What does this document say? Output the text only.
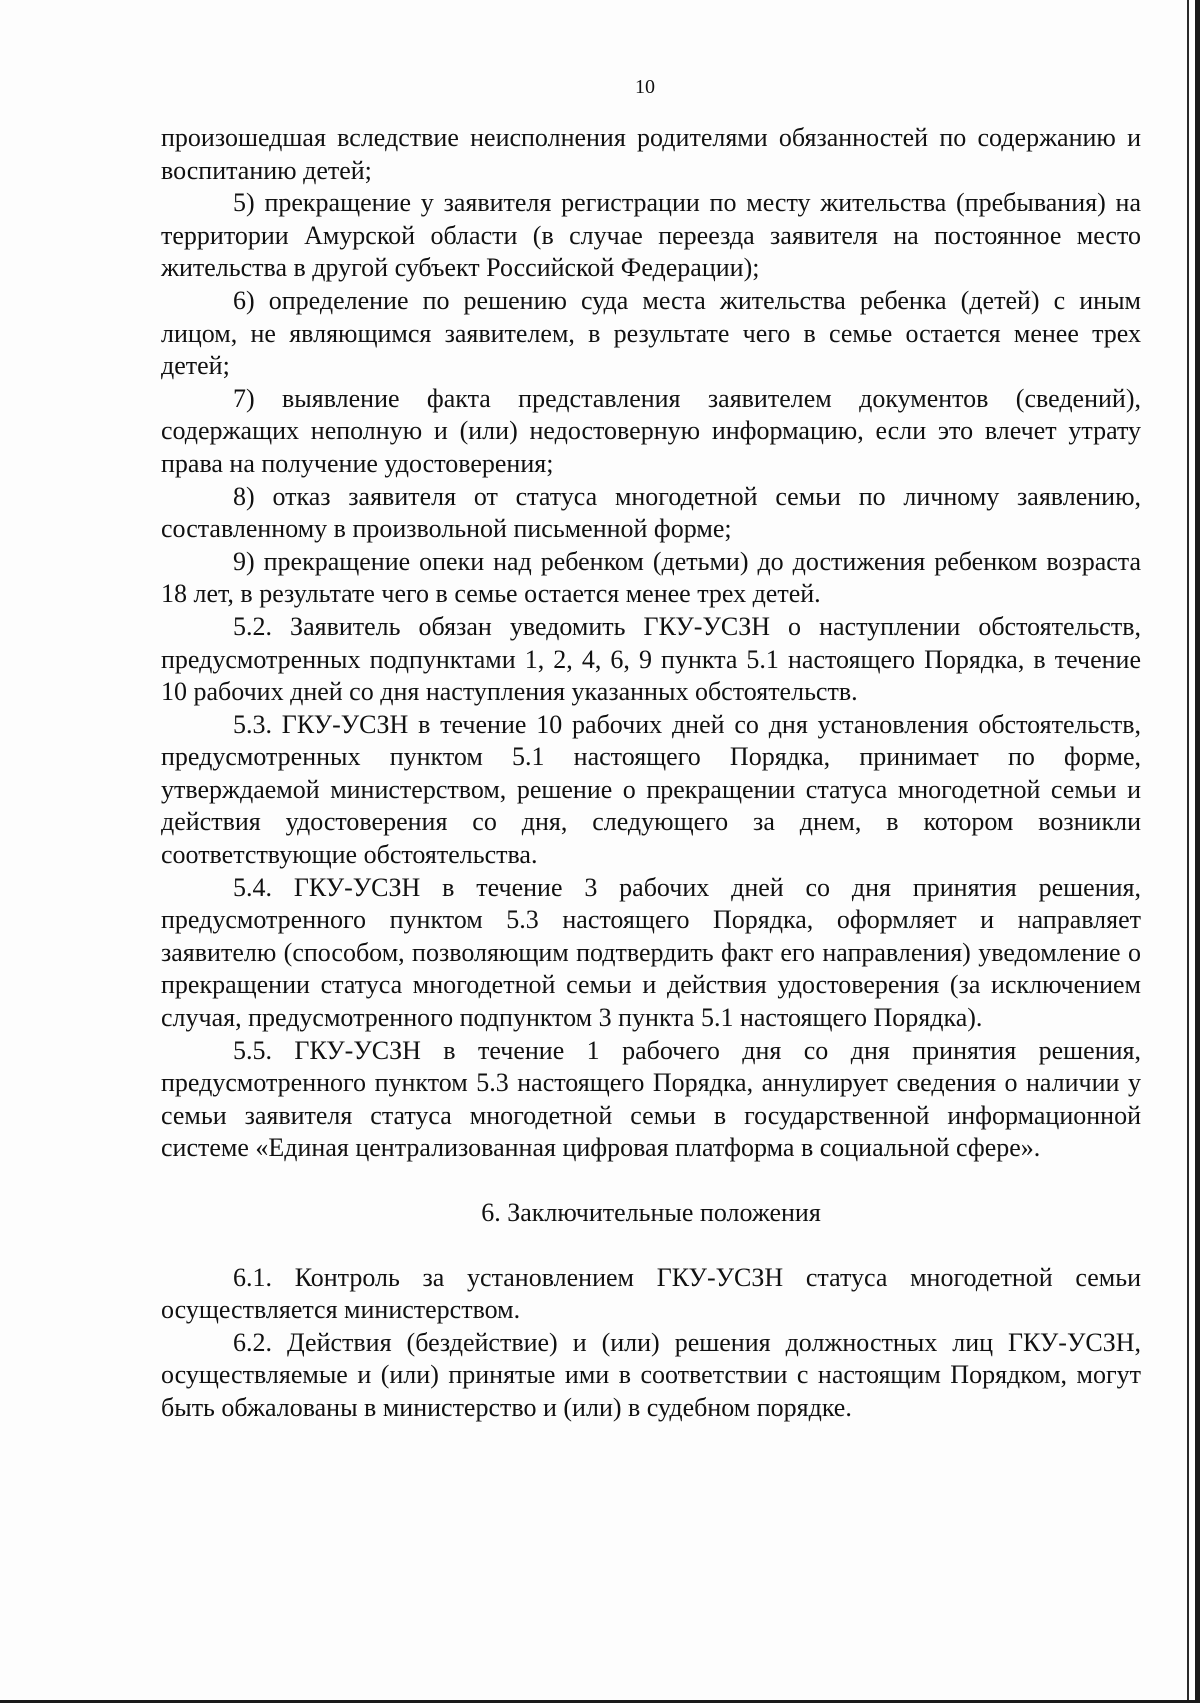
10

произошедшая вследствие неисполнения родителями обязанностей по содержанию и воспитанию детей;

5) прекращение у заявителя регистрации по месту жительства (пребывания) на территории Амурской области (в случае переезда заявителя на постоянное место жительства в другой субъект Российской Федерации);

6) определение по решению суда места жительства ребенка (детей) с иным лицом, не являющимся заявителем, в результате чего в семье остается менее трех детей;

7) выявление факта представления заявителем документов (сведений), содержащих неполную и (или) недостоверную информацию, если это влечет утрату права на получение удостоверения;

8) отказ заявителя от статуса многодетной семьи по личному заявлению, составленному в произвольной письменной форме;

9) прекращение опеки над ребенком (детьми) до достижения ребенком возраста 18 лет, в результате чего в семье остается менее трех детей.

5.2. Заявитель обязан уведомить ГКУ-УСЗН о наступлении обстоятельств, предусмотренных подпунктами 1, 2, 4, 6, 9 пункта 5.1 настоящего Порядка, в течение 10 рабочих дней со дня наступления указанных обстоятельств.

5.3. ГКУ-УСЗН в течение 10 рабочих дней со дня установления обстоятельств, предусмотренных пунктом 5.1 настоящего Порядка, принимает по форме, утверждаемой министерством, решение о прекращении статуса многодетной семьи и действия удостоверения со дня, следующего за днем, в котором возникли соответствующие обстоятельства.

5.4. ГКУ-УСЗН в течение 3 рабочих дней со дня принятия решения, предусмотренного пунктом 5.3 настоящего Порядка, оформляет и направляет заявителю (способом, позволяющим подтвердить факт его направления) уведомление о прекращении статуса многодетной семьи и действия удостоверения (за исключением случая, предусмотренного подпунктом 3 пункта 5.1 настоящего Порядка).

5.5. ГКУ-УСЗН в течение 1 рабочего дня со дня принятия решения, предусмотренного пунктом 5.3 настоящего Порядка, аннулирует сведения о наличии у семьи заявителя статуса многодетной семьи в государственной информационной системе «Единая централизованная цифровая платформа в социальной сфере».

6. Заключительные положения

6.1. Контроль за установлением ГКУ-УСЗН статуса многодетной семьи осуществляется министерством.

6.2. Действия (бездействие) и (или) решения должностных лиц ГКУ-УСЗН, осуществляемые и (или) принятые ими в соответствии с настоящим Порядком, могут быть обжалованы в министерство и (или) в судебном порядке.
